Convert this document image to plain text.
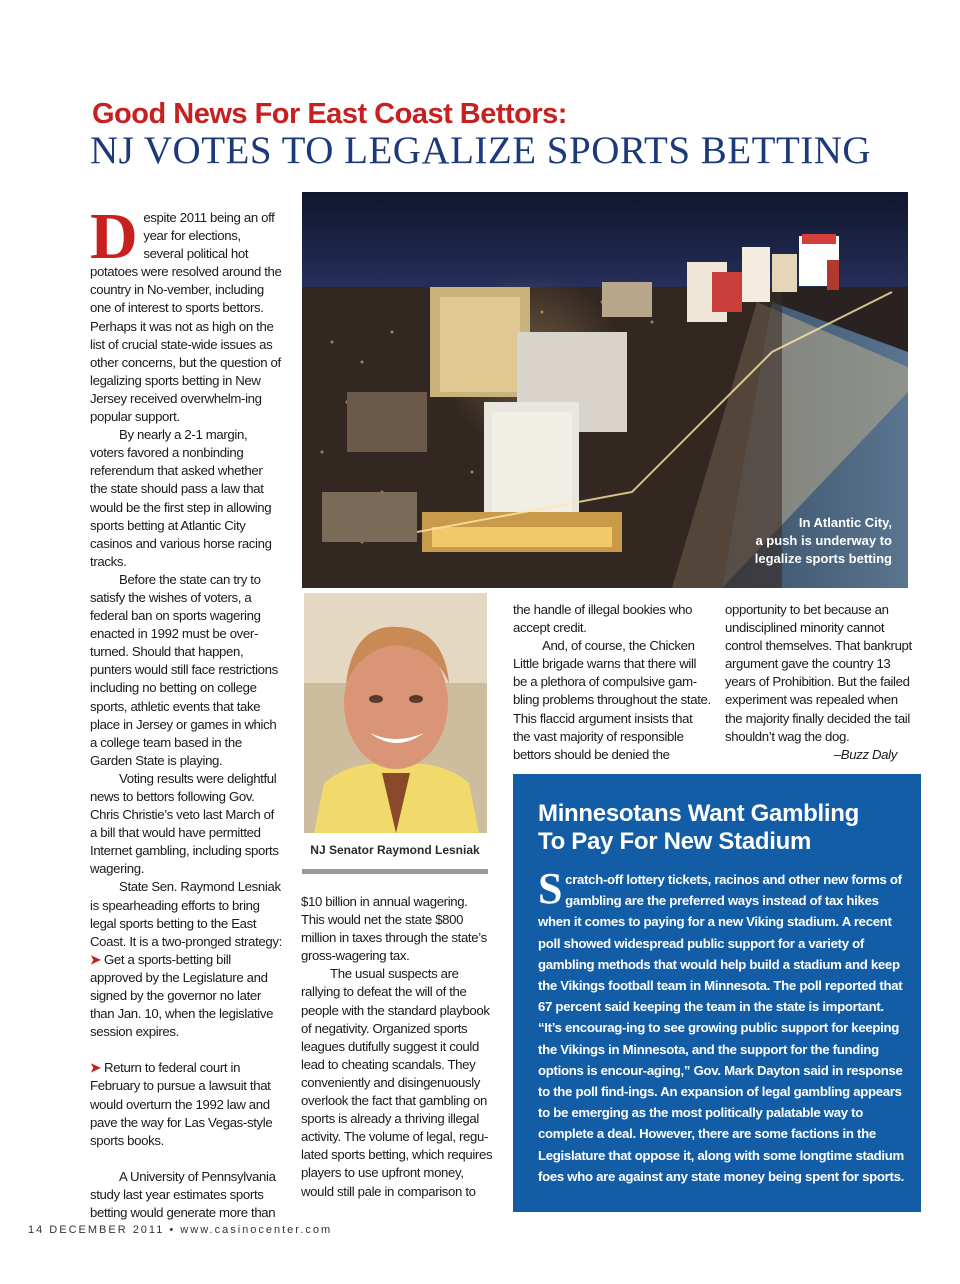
Good News For East Coast Bettors:
NJ VOTES TO LEGALIZE SPORTS BETTING

Despite 2011 being an off year for elections, several political hot potatoes were resolved around the country in No-vember, including one of interest to sports bettors. Perhaps it was not as high on the list of crucial state-wide issues as other concerns, but the question of legalizing sports betting in New Jersey received overwhelm-ing popular support.

By nearly a 2-1 margin, voters favored a nonbinding referendum that asked whether the state should pass a law that would be the first step in allowing sports betting at Atlantic City casinos and various horse racing tracks.

Before the state can try to satisfy the wishes of voters, a federal ban on sports wagering enacted in 1992 must be over-turned. Should that happen, punters would still face restrictions including no betting on college sports, athletic events that take place in Jersey or games in which a college team based in the Garden State is playing.

Voting results were delightful news to bettors following Gov. Chris Christie’s veto last March of a bill that would have permitted Internet gambling, including sports wagering.

State Sen. Raymond Lesniak is spearheading efforts to bring legal sports betting to the East Coast. It is a two-pronged strategy:

➤ Get a sports-betting bill approved by the Legislature and signed by the governor no later than Jan. 10, when the legislative session expires.

➤ Return to federal court in February to pursue a lawsuit that would overturn the 1992 law and pave the way for Las Vegas-style sports books.

A University of Pennsylvania study last year estimates sports betting would generate more than

In Atlantic City,
a push is underway to
legalize sports betting
NJ Senator Raymond Lesniak

$10 billion in annual wagering. This would net the state $800 million in taxes through the state’s gross-wagering tax.

The usual suspects are rallying to defeat the will of the people with the standard playbook of negativity. Organized sports leagues dutifully suggest it could lead to cheating scandals. They conveniently and disingenuously overlook the fact that gambling on sports is already a thriving illegal activity. The volume of legal, regu-lated sports betting, which requires players to use upfront money, would still pale in comparison to

the handle of illegal bookies who accept credit.

And, of course, the Chicken Little brigade warns that there will be a plethora of compulsive gam-bling problems throughout the state. This flaccid argument insists that the vast majority of responsible bettors should be denied the

opportunity to bet because an undisciplined minority cannot control themselves. That bankrupt argument gave the country 13 years of Prohibition. But the failed experiment was repealed when the majority finally decided the tail shouldn’t wag the dog.

–Buzz Daly

Minnesotans Want Gambling
To Pay For New Stadium
Scratch-off lottery tickets, racinos and other new forms of gambling are the preferred ways instead of tax hikes when it comes to paying for a new Viking stadium. A recent poll showed widespread public support for a variety of gambling methods that would help build a stadium and keep the Vikings football team in Minnesota. The poll reported that 67 percent said keeping the team in the state is important. “It’s encourag-ing to see growing public support for keeping the Vikings in Minnesota, and the support for the funding options is encour-aging,” Gov. Mark Dayton said in response to the poll find-ings. An expansion of legal gambling appears to be emerging as the most politically palatable way to complete a deal. However, there are some factions in the Legislature that oppose it, along with some longtime stadium foes who are against any state money being spent for sports.
14 DECEMBER 2011 • www.casinocenter.com
